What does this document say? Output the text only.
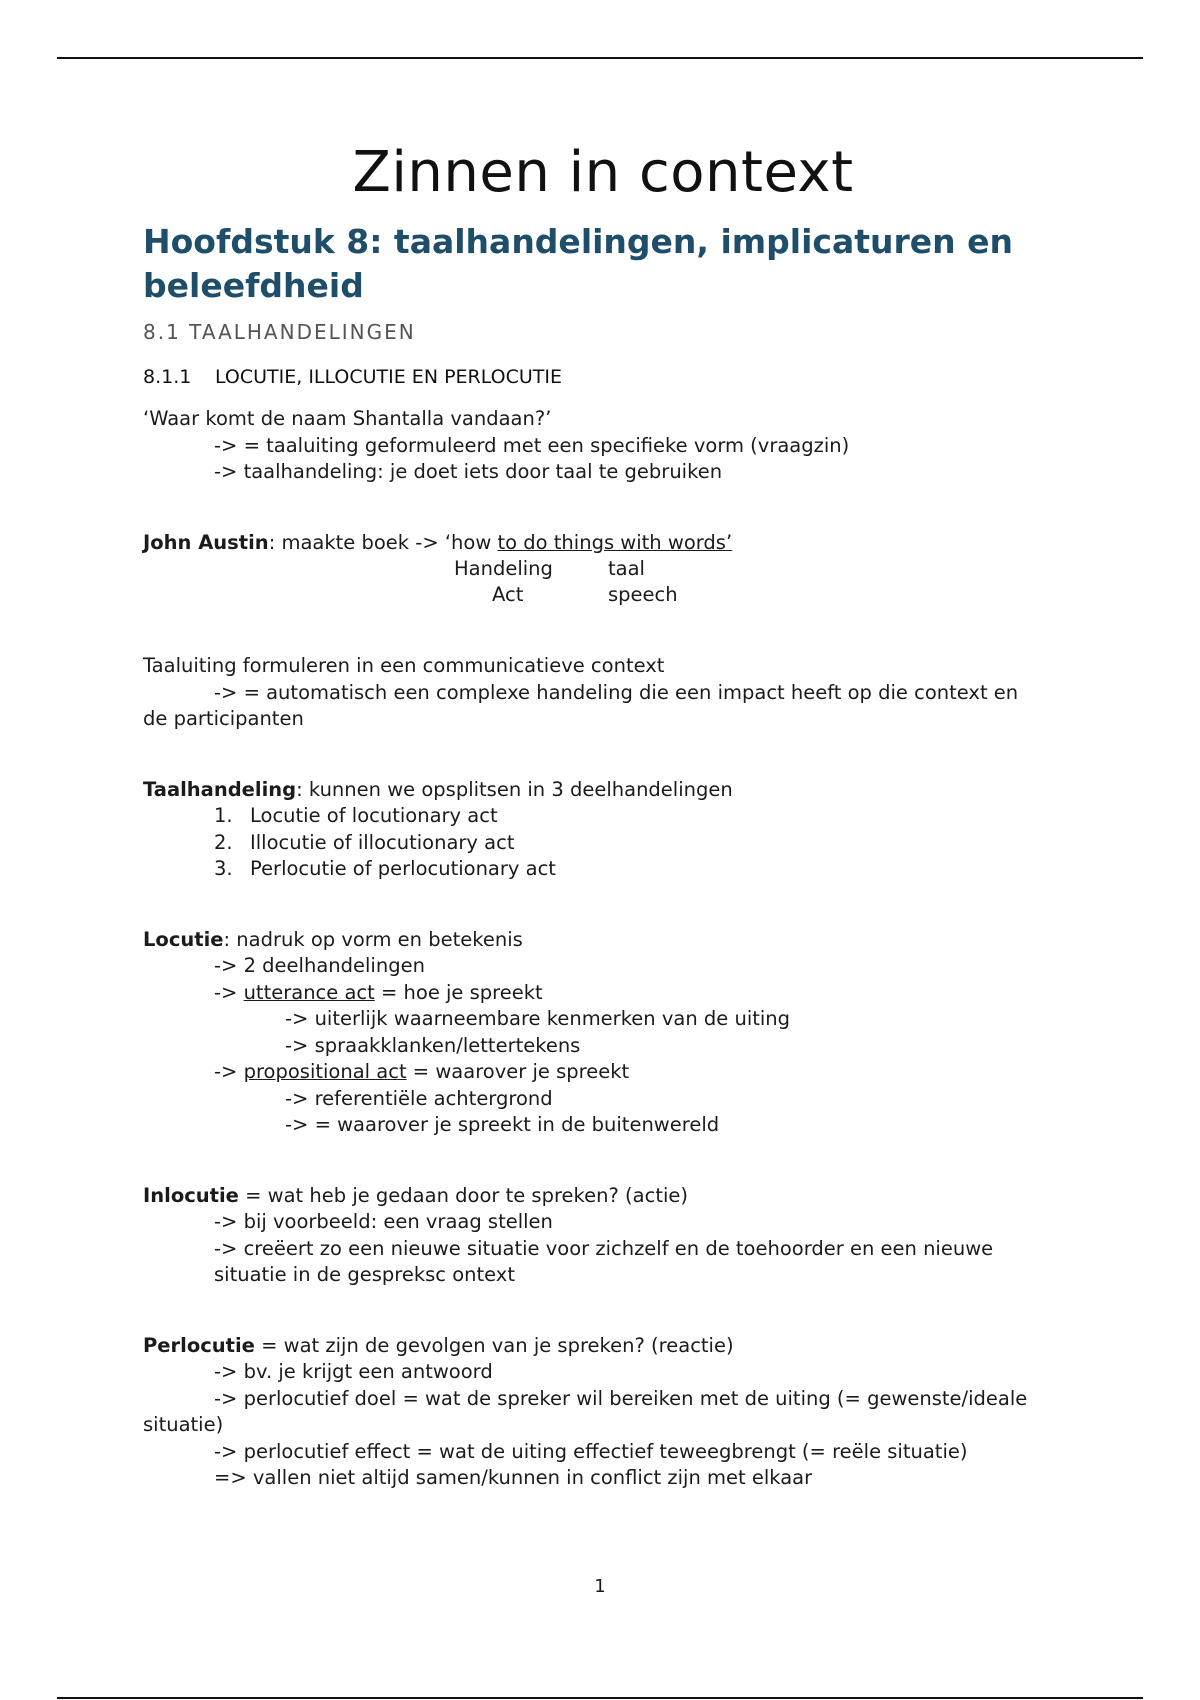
Zinnen in context
Hoofdstuk 8: taalhandelingen, implicaturen en beleefdheid
8.1 TAALHANDELINGEN
8.1.1 LOCUTIE, ILLOCUTIE EN PERLOCUTIE
‘Waar komt de naam Shantalla vandaan?’
-> = taaluiting geformuleerd met een specifieke vorm (vraagzin)
-> taalhandeling: je doet iets door taal te gebruiken
John Austin: maakte boek -> ‘how to do things with words’
Handeling	taal
Act	speech
Taaluiting formuleren in een communicatieve context
-> = automatisch een complexe handeling die een impact heeft op die context en
de participanten
Taalhandeling: kunnen we opsplitsen in 3 deelhandelingen
1. Locutie of locutionary act
2. Illocutie of illocutionary act
3. Perlocutie of perlocutionary act
Locutie: nadruk op vorm en betekenis
-> 2 deelhandelingen
-> utterance act = hoe je spreekt
-> uiterlijk waarneembare kenmerken van de uiting
-> spraakklanken/lettertekens
-> propositional act = waarover je spreekt
-> referentiële achtergrond
-> = waarover je spreekt in de buitenwereld
Inlocutie = wat heb je gedaan door te spreken? (actie)
-> bij voorbeeld: een vraag stellen
-> creëert zo een nieuwe situatie voor zichzelf en de toehoorder en een nieuwe
situatie in de gespreksc ontext
Perlocutie = wat zijn de gevolgen van je spreken? (reactie)
-> bv. je krijgt een antwoord
-> perlocutief doel = wat de spreker wil bereiken met de uiting (= gewenste/ideale
situatie)
-> perlocutief effect = wat de uiting effectief teweegbrengt (= reële situatie)
=> vallen niet altijd samen/kunnen in conflict zijn met elkaar
1
